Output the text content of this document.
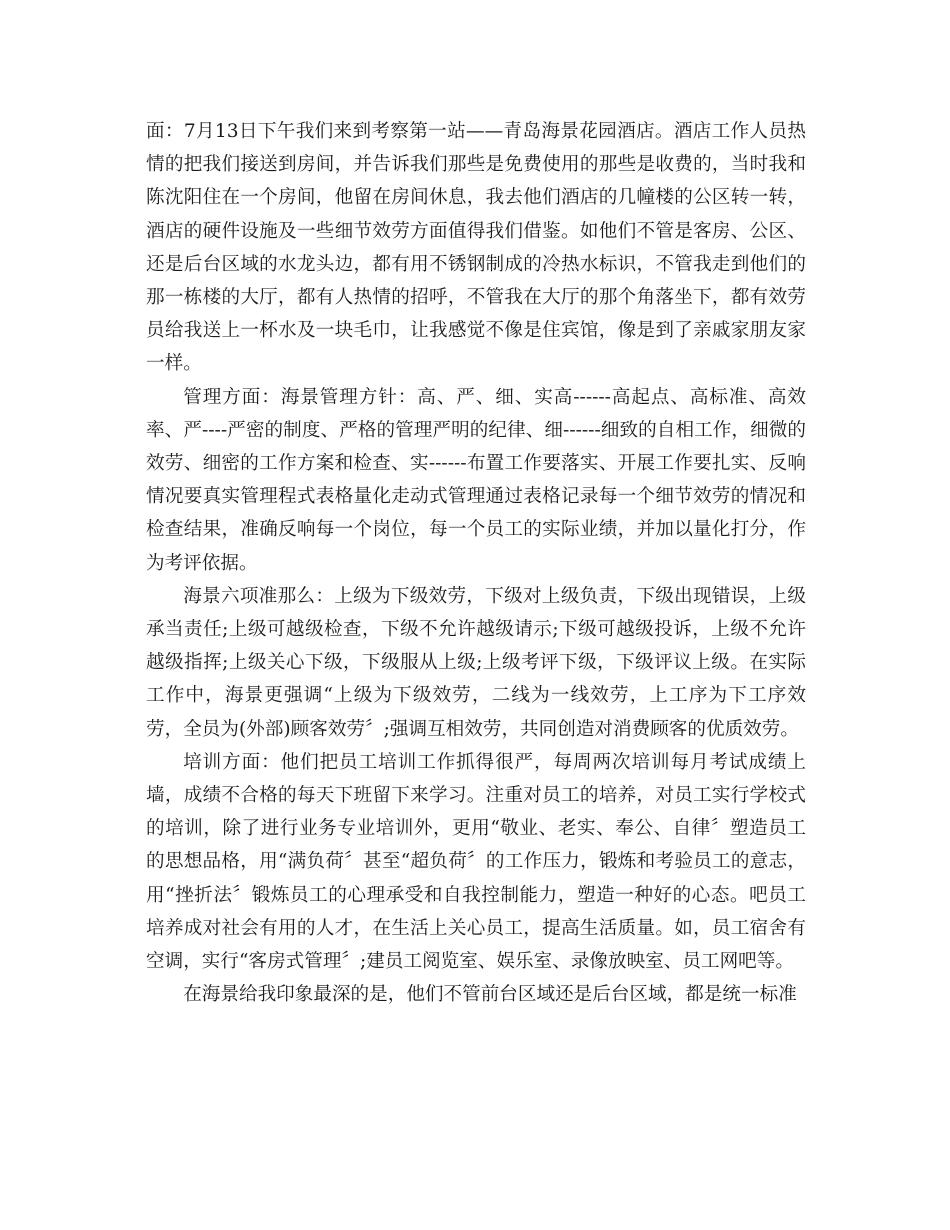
面：7月13日下午我们来到考察第一站——青岛海景花园酒店。酒店工作人员热情的把我们接送到房间，并告诉我们那些是免费使用的那些是收费的，当时我和陈沈阳住在一个房间，他留在房间休息，我去他们酒店的几幢楼的公区转一转，酒店的硬件设施及一些细节效劳方面值得我们借鉴。如他们不管是客房、公区、还是后台区域的水龙头边，都有用不锈钢制成的冷热水标识，不管我走到他们的那一栋楼的大厅，都有人热情的招呼，不管我在大厅的那个角落坐下，都有效劳员给我送上一杯水及一块毛巾，让我感觉不像是住宾馆，像是到了亲戚家朋友家一样。

管理方面：海景管理方针：高、严、细、实高------高起点、高标准、高效率、严----严密的制度、严格的管理严明的纪律、细------细致的自相工作，细微的效劳、细密的工作方案和检查、实------布置工作要落实、开展工作要扎实、反响情况要真实管理程式表格量化走动式管理通过表格记录每一个细节效劳的情况和检查结果，准确反响每一个岗位，每一个员工的实际业绩，并加以量化打分，作为考评依据。

海景六项准那么：上级为下级效劳，下级对上级负责，下级出现错误，上级承当责任;上级可越级检查，下级不允许越级请示;下级可越级投诉，上级不允许越级指挥;上级关心下级，下级服从上级;上级考评下级，下级评议上级。在实际工作中，海景更强调“上级为下级效劳，二线为一线效劳，上工序为下工序效劳，全员为(外部)顾客效劳〞;强调互相效劳，共同创造对消费顾客的优质效劳。

培训方面：他们把员工培训工作抓得很严，每周两次培训每月考试成绩上墙，成绩不合格的每天下班留下来学习。注重对员工的培养，对员工实行学校式的培训，除了进行业务专业培训外，更用“敬业、老实、奉公、自律〞塑造员工的思想品格，用“满负荷〞甚至“超负荷〞的工作压力，锻炼和考验员工的意志，用“挫折法〞锻炼员工的心理承受和自我控制能力，塑造一种好的心态。吧员工培养成对社会有用的人才，在生活上关心员工，提高生活质量。如，员工宿舍有空调，实行“客房式管理〞;建员工阅览室、娱乐室、录像放映室、员工网吧等。

在海景给我印象最深的是，他们不管前台区域还是后台区域，都是统一标准
